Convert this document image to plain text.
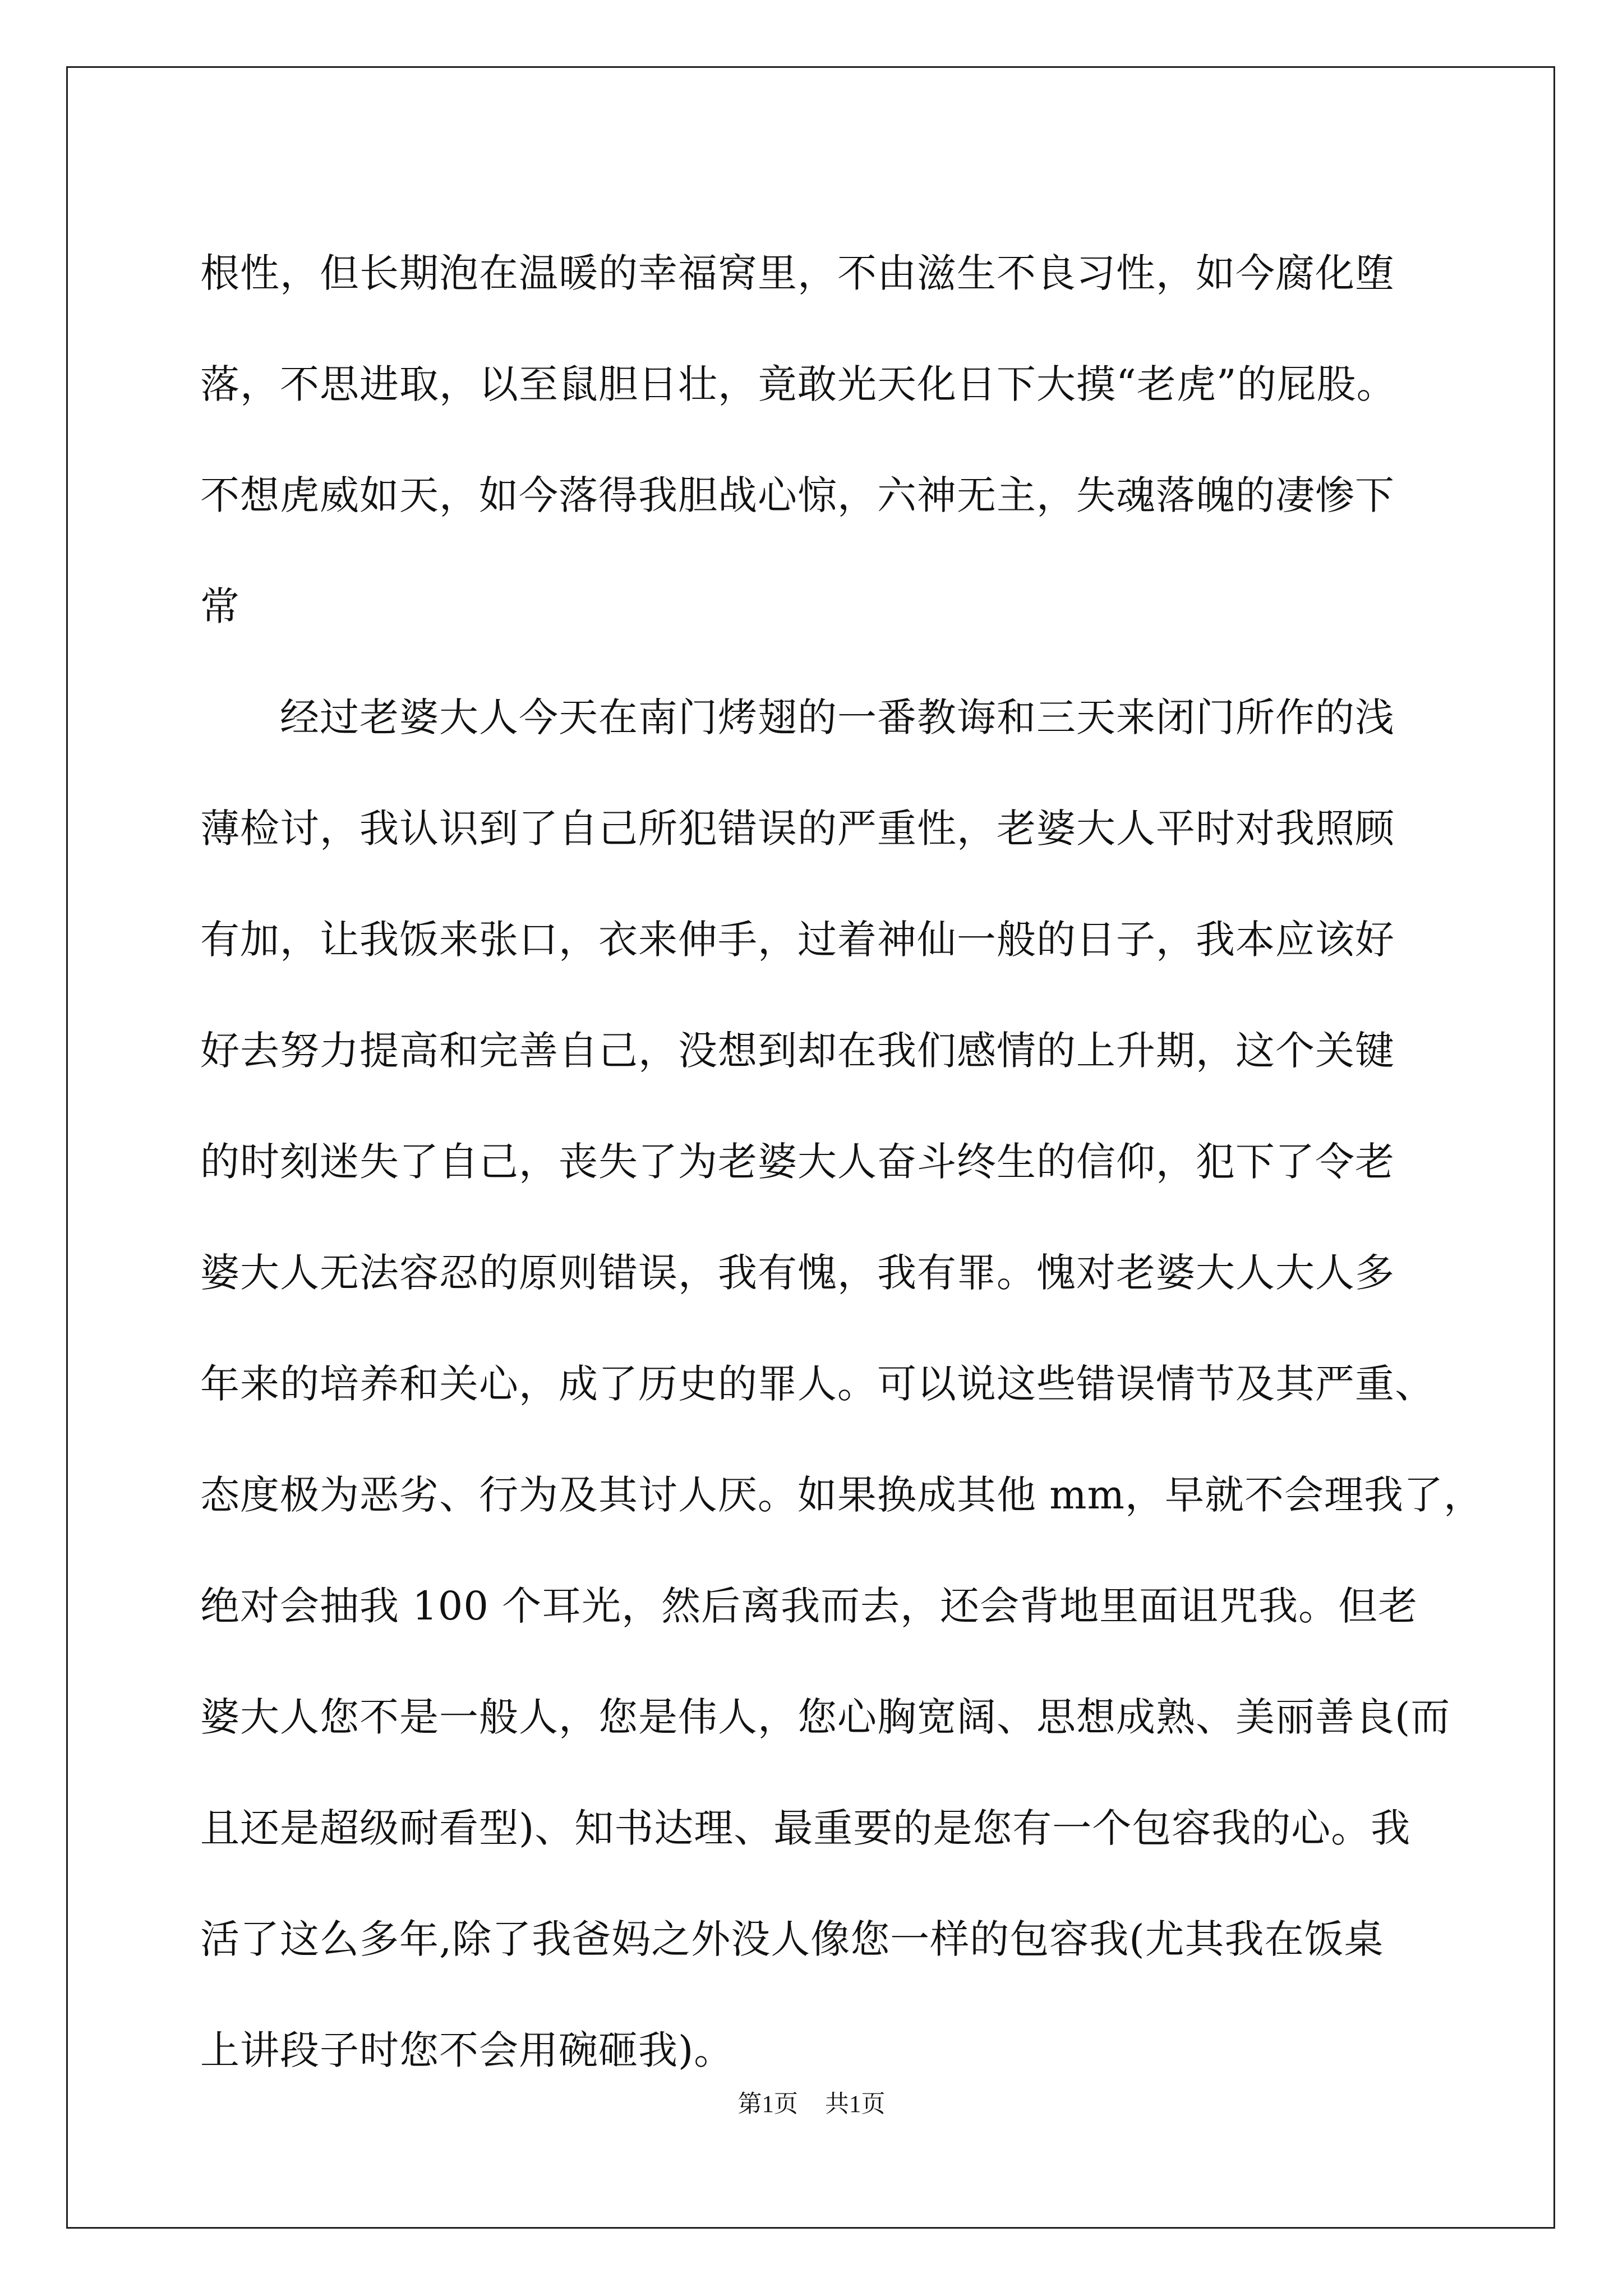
根性，但长期泡在温暖的幸福窝里，不由滋生不良习性，如今腐化堕
落，不思进取，以至鼠胆日壮，竟敢光天化日下大摸“老虎”的屁股。
不想虎威如天，如今落得我胆战心惊，六神无主，失魂落魄的凄惨下
常
经过老婆大人今天在南门烤翅的一番教诲和三天来闭门所作的浅
薄检讨，我认识到了自己所犯错误的严重性，老婆大人平时对我照顾
有加，让我饭来张口，衣来伸手，过着神仙一般的日子，我本应该好
好去努力提高和完善自己，没想到却在我们感情的上升期，这个关键
的时刻迷失了自己，丧失了为老婆大人奋斗终生的信仰，犯下了令老
婆大人无法容忍的原则错误，我有愧，我有罪。愧对老婆大人大人多
年来的培养和关心，成了历史的罪人。可以说这些错误情节及其严重、
态度极为恶劣、行为及其讨人厌。如果换成其他 mm，早就不会理我了，
绝对会抽我 100 个耳光，然后离我而去，还会背地里面诅咒我。但老
婆大人您不是一般人，您是伟人，您心胸宽阔、思想成熟、美丽善良(而
且还是超级耐看型)、知书达理、最重要的是您有一个包容我的心。我
活了这么多年,除了我爸妈之外没人像您一样的包容我(尤其我在饭桌
上讲段子时您不会用碗砸我)。
第1页 共1页
